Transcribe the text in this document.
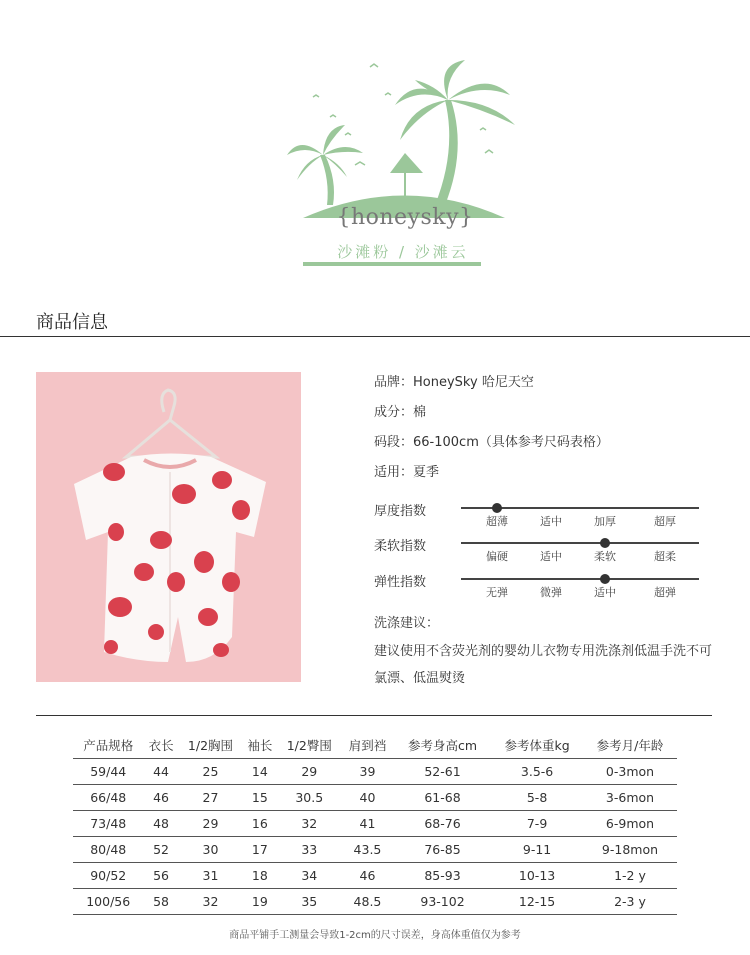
{honeysky}
沙滩粉 / 沙滩云
商品信息
品牌：HoneySky 哈尼天空
成分：棉
码段：66-100cm（具体参考尺码表格）
适用：夏季
厚度指数
超薄	适中	加厚	超厚
柔软指数
偏硬	适中	柔软	超柔
弹性指数
无弹	微弹	适中	超弹
洗涤建议：
建议使用不含荧光剂的婴幼儿衣物专用洗涤剂低温手洗不可氯漂、低温熨烫
产品规格	衣长	1/2胸围	袖长	1/2臀围	肩到裆	参考身高cm	参考体重kg	参考月/年龄
59/44	44	25	14	29	39	52-61	3.5-6	0-3mon
66/48	46	27	15	30.5	40	61-68	5-8	3-6mon
73/48	48	29	16	32	41	68-76	7-9	6-9mon
80/48	52	30	17	33	43.5	76-85	9-11	9-18mon
90/52	56	31	18	34	46	85-93	10-13	1-2 y
100/56	58	32	19	35	48.5	93-102	12-15	2-3 y
商品平铺手工测量会导致1-2cm的尺寸误差，身高体重值仅为参考
